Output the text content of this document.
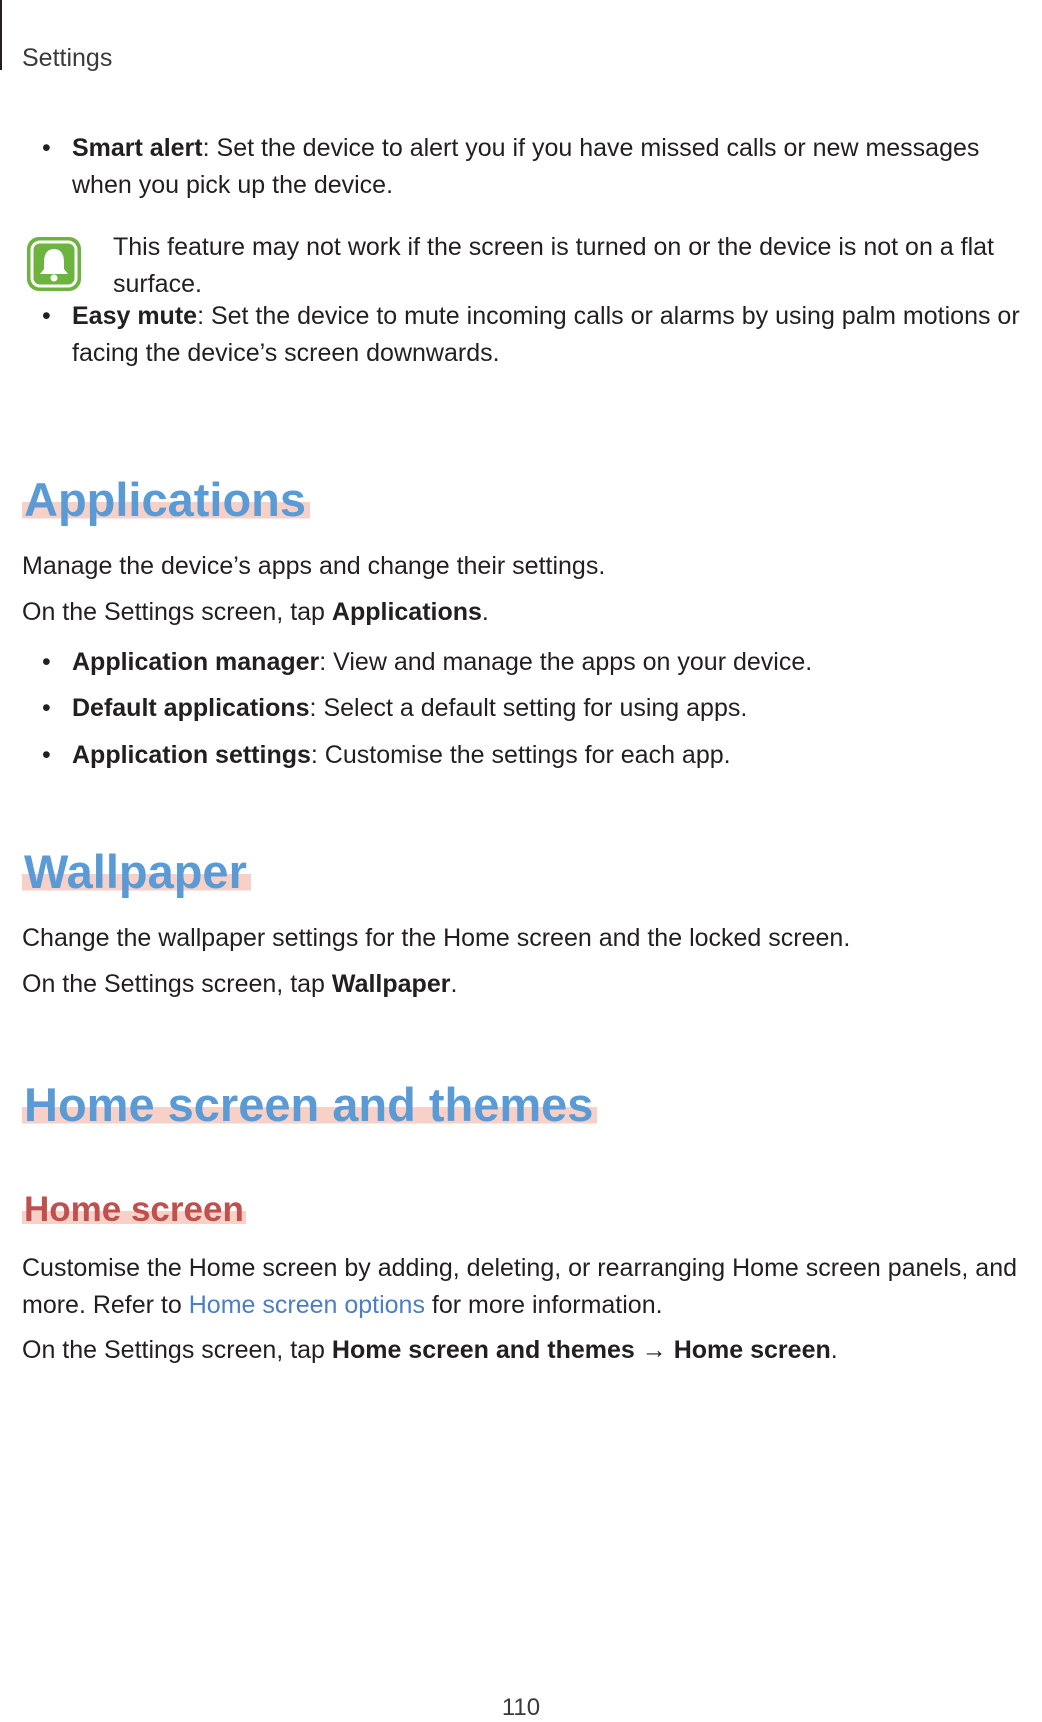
Settings
• Smart alert: Set the device to alert you if you have missed calls or new messages when you pick up the device.
This feature may not work if the screen is turned on or the device is not on a flat surface.
• Easy mute: Set the device to mute incoming calls or alarms by using palm motions or facing the device’s screen downwards.
Applications
Manage the device’s apps and change their settings.
On the Settings screen, tap Applications.
• Application manager: View and manage the apps on your device.
• Default applications: Select a default setting for using apps.
• Application settings: Customise the settings for each app.
Wallpaper
Change the wallpaper settings for the Home screen and the locked screen.
On the Settings screen, tap Wallpaper.
Home screen and themes
Home screen
Customise the Home screen by adding, deleting, or rearranging Home screen panels, and more. Refer to Home screen options for more information.
On the Settings screen, tap Home screen and themes → Home screen.
110
